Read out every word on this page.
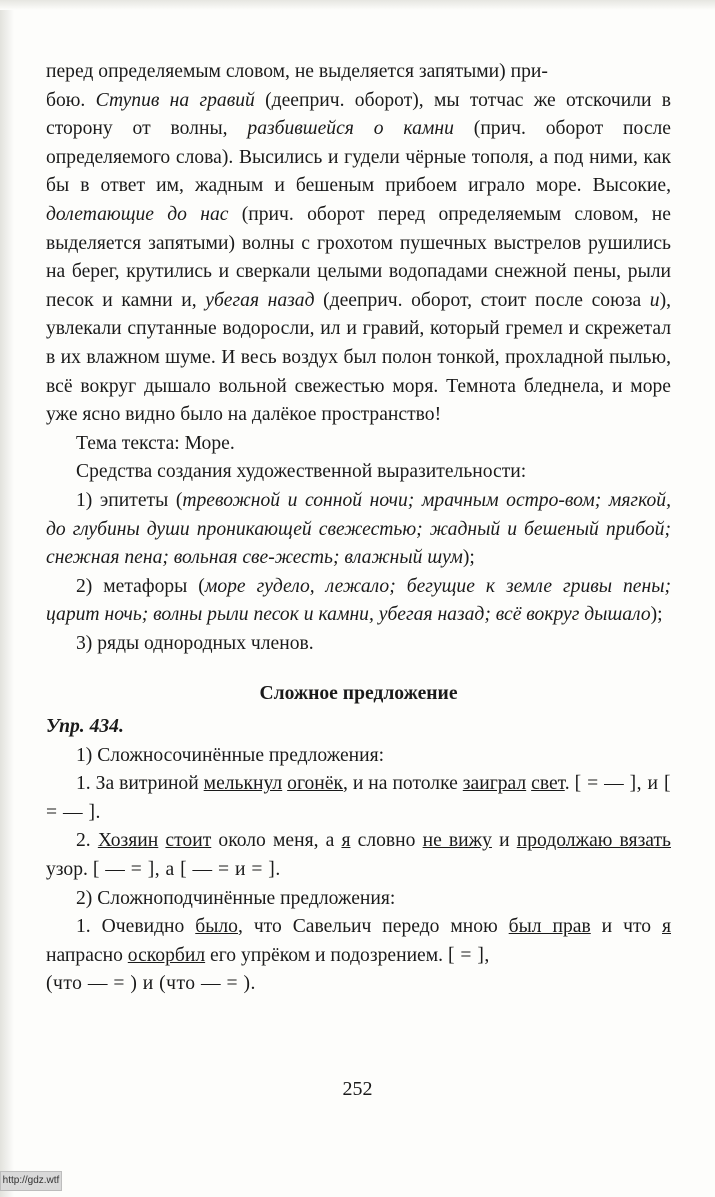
перед определяемым словом, не выделяется запятыми) при-
бою. Ступив на гравий (дееприч. оборот), мы тотчас же отскочили в сторону от волны, разбившейся о камни (прич. оборот после определяемого слова). Высились и гудели чёрные тополя, а под ними, как бы в ответ им, жадным и бешеным прибоем играло море. Высокие, долетающие до нас (прич. оборот перед определяемым словом, не выделяется запятыми) волны с грохотом пушечных выстрелов рушились на берег, крутились и сверкали целыми водопадами снежной пены, рыли песок и камни и, убегая назад (дееприч. оборот, стоит после союза и), увлекали спутанные водоросли, ил и гравий, который гремел и скрежетал в их влажном шуме. И весь воздух был полон тонкой, прохладной пылью, всё вокруг дышало вольной свежестью моря. Темнота бледнела, и море уже ясно видно было на далёкое пространство!

Тема текста: Море.

Средства создания художественной выразительности:

1) эпитеты (тревожной и сонной ночи; мрачным остро-вом; мягкой, до глубины души проникающей свежестью; жадный и бешеный прибой; снежная пена; вольная све-жесть; влажный шум);

2) метафоры (море гудело, лежало; бегущие к земле гривы пены; царит ночь; волны рыли песок и камни, убегая назад; всё вокруг дышало);

3) ряды однородных членов.

Сложное предложение
Упр. 434.

1) Сложносочинённые предложения:

1. За витриной мелькнул огонёк, и на потолке заиграл свет. [ = — ], и [ = — ].

2. Хозяин стоит около меня, а я словно не вижу и продолжаю вязать узор. [ — = ], а [ — = и = ].

2) Сложноподчинённые предложения:

1. Очевидно было, что Савельич передо мною был прав и что я напрасно оскорбил его упрёком и подозрением. [ = ],
(что — = ) и (что — = ).

252
http://gdz.wtf
